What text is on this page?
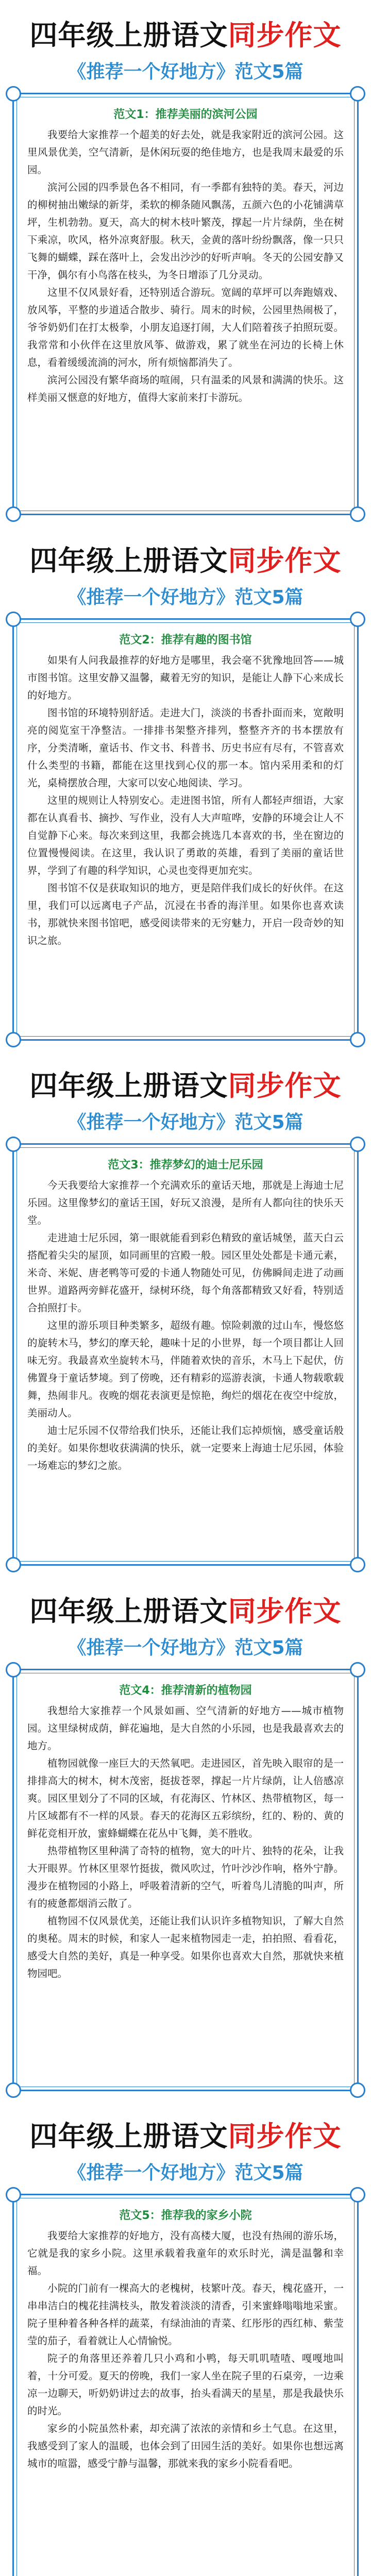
四年级上册语文同步作文
《推荐一个好地方》范文5篇
范文1：推荐美丽的滨河公园

我要给大家推荐一个超美的好去处，就是我家附近的滨河公园。这里风景优美，空气清新，是休闲玩耍的绝佳地方，也是我周末最爱的乐园。

滨河公园的四季景色各不相同，有一季都有独特的美。春天，河边的柳树抽出嫩绿的新芽，柔软的柳条随风飘荡，五颜六色的小花铺满草坪，生机勃勃。夏天，高大的树木枝叶繁茂，撑起一片片绿荫，坐在树下乘凉，吹风，格外凉爽舒服。秋天，金黄的落叶纷纷飘落，像一只只飞舞的蝴蝶，踩在落叶上，会发出沙沙的好听声响。冬天的公园安静又干净，偶尔有小鸟落在枝头，为冬日增添了几分灵动。

这里不仅风景好看，还特别适合游玩。宽阔的草坪可以奔跑嬉戏、放风筝，平整的步道适合散步、骑行。周末的时候，公园里热闹极了，爷爷奶奶们在打太极拳，小朋友追逐打闹，大人们陪着孩子拍照玩耍。我常常和小伙伴在这里放风筝、做游戏，累了就坐在河边的长椅上休息，看着缓缓流淌的河水，所有烦恼都消失了。

滨河公园没有繁华商场的喧闹，只有温柔的风景和满满的快乐。这样美丽又惬意的好地方，值得大家前来打卡游玩。

四年级上册语文同步作文
《推荐一个好地方》范文5篇
范文2：推荐有趣的图书馆

如果有人问我最推荐的好地方是哪里，我会毫不犹豫地回答——城市图书馆。这里安静又温馨，藏着无穷的知识，是能让人静下心来成长的好地方。

图书馆的环境特别舒适。走进大门，淡淡的书香扑面而来，宽敞明亮的阅览室干净整洁。一排排书架整齐排列，整整齐齐的书本摆放有序，分类清晰，童话书、作文书、科普书、历史书应有尽有，不管喜欢什么类型的书籍，都能在这里找到心仪的那一本。馆内采用柔和的灯光，桌椅摆放合理，大家可以安心地阅读、学习。

这里的规则让人特别安心。走进图书馆，所有人都轻声细语，大家都在认真看书、摘抄、写作业，没有人大声喧哗，安静的环境会让人不自觉静下心来。每次来到这里，我都会挑选几本喜欢的书，坐在窗边的位置慢慢阅读。在这里，我认识了勇敢的英雄，看到了美丽的童话世界，学到了有趣的科学知识，心灵也变得更加充实。

图书馆不仅是获取知识的地方，更是陪伴我们成长的好伙伴。在这里，我们可以远离电子产品，沉浸在书香的海洋里。如果你也喜欢读书，那就快来图书馆吧，感受阅读带来的无穷魅力，开启一段奇妙的知识之旅。

四年级上册语文同步作文
《推荐一个好地方》范文5篇
范文3：推荐梦幻的迪士尼乐园

今天我要给大家推荐一个充满欢乐的童话天地，那就是上海迪士尼乐园。这里像梦幻的童话王国，好玩又浪漫，是所有人都向往的快乐天堂。

走进迪士尼乐园，第一眼就能看到彩色精致的童话城堡，蓝天白云搭配着尖尖的屋顶，如同画里的宫殿一般。园区里处处都是卡通元素，米奇、米妮、唐老鸭等可爱的卡通人物随处可见，仿佛瞬间走进了动画世界。道路两旁鲜花盛开，绿树环绕，每个角落都精致又好看，特别适合拍照打卡。

这里的游乐项目种类繁多，超级有趣。惊险刺激的过山车，慢悠悠的旋转木马，梦幻的摩天轮，趣味十足的小世界，每一个项目都让人回味无穷。我最喜欢坐旋转木马，伴随着欢快的音乐，木马上下起伏，仿佛置身于童话梦境。到了傍晚，还有精彩的巡游表演，卡通人物载歌载舞，热闹非凡。夜晚的烟花表演更是惊艳，绚烂的烟花在夜空中绽放，美丽动人。

迪士尼乐园不仅带给我们快乐，还能让我们忘掉烦恼，感受童话般的美好。如果你想收获满满的快乐，就一定要来上海迪士尼乐园，体验一场难忘的梦幻之旅。

四年级上册语文同步作文
《推荐一个好地方》范文5篇
范文4：推荐清新的植物园

我想给大家推荐一个风景如画、空气清新的好地方——城市植物园。这里绿树成荫，鲜花遍地，是大自然的小乐园，也是我最喜欢去的地方。

植物园就像一座巨大的天然氧吧。走进园区，首先映入眼帘的是一排排高大的树木，树木茂密，挺拔苍翠，撑起一片片绿荫，让人倍感凉爽。园区里划分了不同的区域，有花海区、竹林区、热带植物区，每一片区域都有不一样的风景。春天的花海区五彩缤纷，红的、粉的、黄的鲜花竞相开放，蜜蜂蝴蝶在花丛中飞舞，美不胜收。

热带植物区里种满了奇特的植物，宽大的叶片、独特的花朵，让我大开眼界。竹林区里翠竹挺拔，微风吹过，竹叶沙沙作响，格外宁静。漫步在植物园的小路上，呼吸着清新的空气，听着鸟儿清脆的叫声，所有的疲惫都烟消云散了。

植物园不仅风景优美，还能让我们认识许多植物知识，了解大自然的奥秘。周末的时候，和家人一起来植物园走一走，拍拍照、看看花，感受大自然的美好，真是一种享受。如果你也喜欢大自然，那就快来植物园吧。

四年级上册语文同步作文
《推荐一个好地方》范文5篇
范文5：推荐我的家乡小院

我要给大家推荐的好地方，没有高楼大厦，也没有热闹的游乐场，它就是我的家乡小院。这里承载着我童年的欢乐时光，满是温馨和幸福。

小院的门前有一棵高大的老槐树，枝繁叶茂。春天，槐花盛开，一串串洁白的槐花挂满枝头，散发着淡淡的清香，引来蜜蜂嗡嗡地采蜜。院子里种着各种各样的蔬菜，有绿油油的青菜、红彤彤的西红柿、紫莹莹的茄子，看着就让人心情愉悦。

院子的角落里还养着几只小鸡和小鸭，每天叽叽喳喳、嘎嘎地叫着，十分可爱。夏天的傍晚，我们一家人坐在院子里的石桌旁，一边乘凉一边聊天，听奶奶讲过去的故事，抬头看满天的星星，那是我最快乐的时光。

家乡的小院虽然朴素，却充满了浓浓的亲情和乡土气息。在这里，我感受到了家人的温暖，也体会到了田园生活的美好。如果你也想远离城市的喧嚣，感受宁静与温馨，那就来我的家乡小院看看吧。
